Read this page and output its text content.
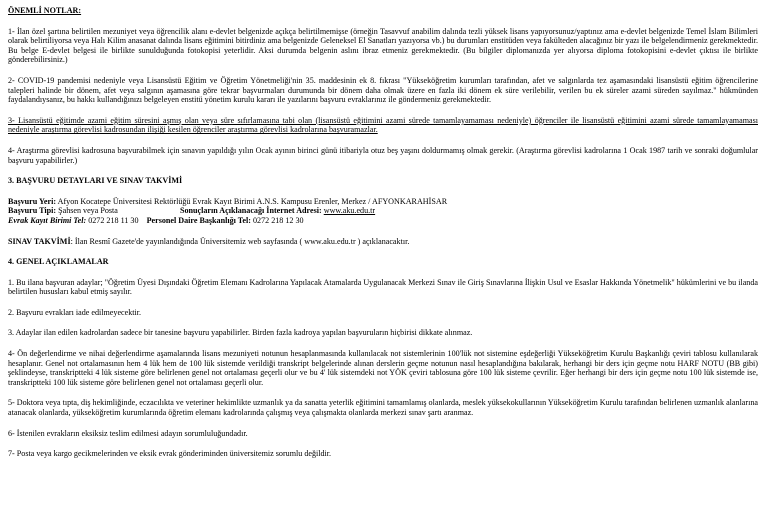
ÖNEMLİ NOTLAR:

1- İlan özel şartına belirtilen mezuniyet veya öğrencilik alanı e-devlet belgenizde açıkça belirtilmemişse (örneğin Tasavvuf anabilim dalında tezli yüksek lisans yapıyorsunuz/yaptınız ama e-devlet belgenizde Temel İslam Bilimleri olarak belirtiliyorsa veya Halı Kilim anasanat dalında lisans eğitimini bitirdiniz ama belgenizde Geleneksel El Sanatları yazıyorsa vb.) bu durumları enstitüden veya fakülteden alacağınız bir yazı ile belgelendirmeniz gerekmektedir. Bu belge E-devlet belgesi ile birlikte sunulduğunda fotokopisi yeterlidir. Aksi durumda belgenin aslını ibraz etmeniz gerekmektedir. (Bu bilgiler diplomanızda yer alıyorsa diploma fotokopisini e-devlet çıktısı ile birlikte gönderebilirsiniz.)

2- COVID-19 pandemisi nedeniyle veya Lisansüstü Eğitim ve Öğretim Yönetmeliği'nin 35. maddesinin ek 8. fıkrası "Yükseköğretim kurumları tarafından, afet ve salgınlarda tez aşamasındaki lisansüstü eğitim öğrencilerine talepleri halinde bir dönem, afet veya salgının aşamasına göre tekrar başvurmaları durumunda bir dönem daha olmak üzere en fazla iki dönem ek süre verilebilir, verilen bu ek süreler azami süreden sayılmaz." hükmünden faydalandıysanız, bu hakkı kullandığınızı belgeleyen enstitü yönetim kurulu kararı ile yazılarını başvuru evraklarınız ile göndermeniz gerekmektedir.

3- Lisansüstü eğitimde azami eğitim süresini aşmış olan veya süre sıfırlamasına tabi olan (lisansüstü eğitimini azami sürede tamamlayamaması nedeniyle) öğrenciler ile lisansüstü eğitimini azami sürede tamamlayamaması nedeniyle araştırma görevlisi kadrosundan ilişiği kesilen öğrenciler araştırma görevlisi kadrolarına başvuramazlar.

4- Araştırma görevlisi kadrosuna başvurabilmek için sınavın yapıldığı yılın Ocak ayının birinci günü itibariyla otuz beş yaşını doldurmamış olmak gerekir. (Araştırma görevlisi kadrolarına 1 Ocak 1987 tarih ve sonraki doğumlular başvuru yapabilirler.)

3. BAŞVURU DETAYLARI VE SINAV TAKVİMİ

Başvuru Yeri: Afyon Kocatepe Üniversitesi Rektörlüğü Evrak Kayıt Birimi A.N.S. Kampusu Erenler, Merkez / AFYONKARAHİSAR
Başvuru Tipi: Şahsen veya Posta	Sonuçların Açıklanacağı İnternet Adresi: www.aku.edu.tr
Evrak Kayıt Birimi Tel: 0272 218 11 30 Personel Daire Başkanlığı Tel: 0272 218 12 30
SINAV TAKVİMİ: İlan Resmî Gazete'de yayınlandığında Üniversitemiz web sayfasında ( www.aku.edu.tr ) açıklanacaktır.

4. GENEL AÇIKLAMALAR

1. Bu ilana başvuran adaylar; "Öğretim Üyesi Dışındaki Öğretim Elemanı Kadrolarına Yapılacak Atamalarda Uygulanacak Merkezi Sınav ile Giriş Sınavlarına İlişkin Usul ve Esaslar Hakkında Yönetmelik" hükümlerini ve bu ilanda belirtilen hususları kabul etmiş sayılır.

2. Başvuru evrakları iade edilmeyecektir.

3. Adaylar ilan edilen kadrolardan sadece bir tanesine başvuru yapabilirler. Birden fazla kadroya yapılan başvuruların hiçbirisi dikkate alınmaz.

4- Ön değerlendirme ve nihai değerlendirme aşamalarında lisans mezuniyeti notunun hesaplanmasında kullanılacak not sistemlerinin 100'lük not sistemine eşdeğerliği Yükseköğretim Kurulu Başkanlığı çeviri tablosu kullanılarak hesaplanır. Genel not ortalamasının hem 4 lük hem de 100 lük sistemde verildiği transkript belgelerinde alınan derslerin geçme notunun nasıl hesaplandığına bakılarak, herhangi bir ders için geçme notu HARF NOTU (BB gibi) şeklindeyse, transkriptteki 4 lük sisteme göre belirlenen genel not ortalaması geçerli olur ve bu 4' lük sistemdeki not YÖK çeviri tablosuna göre 100 lük sisteme çevrilir. Eğer herhangi bir ders için geçme notu 100 lük sistemde ise, transkriptteki 100 lük sisteme göre belirlenen genel not ortalaması geçerli olur.

5- Doktora veya tıpta, diş hekimliğinde, eczacılıkta ve veteriner hekimlikte uzmanlık ya da sanatta yeterlik eğitimini tamamlamış olanlarda, meslek yüksekokullarının Yükseköğretim Kurulu tarafından belirlenen uzmanlık alanlarına atanacak olanlarda, yükseköğretim kurumlarında öğretim elemanı kadrolarında çalışmış veya çalışmakta olanlarda merkezi sınav şartı aranmaz.

6- İstenilen evrakların eksiksiz teslim edilmesi adayın sorumluluğundadır.

7- Posta veya kargo gecikmelerinden ve eksik evrak gönderiminden üniversitemiz sorumlu değildir.
